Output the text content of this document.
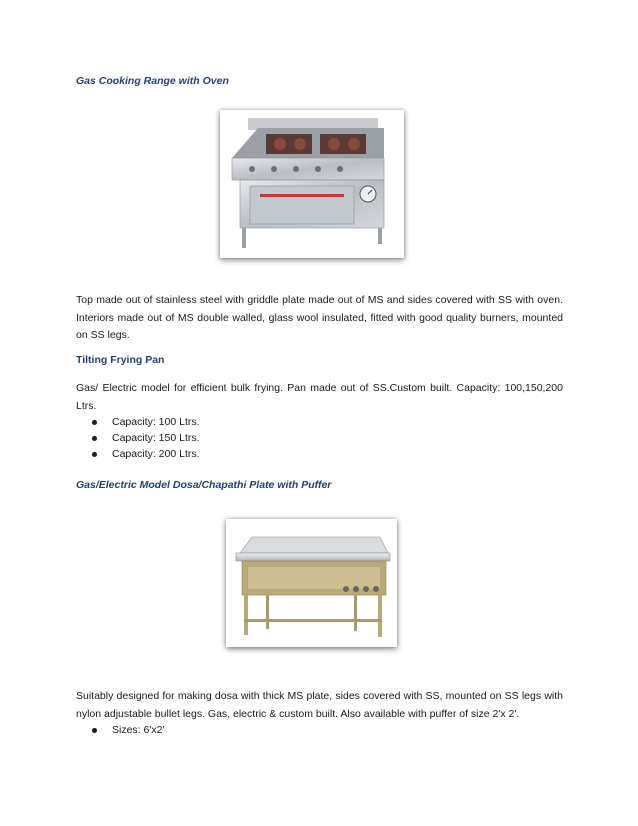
Gas Cooking Range with Oven

Top made out of stainless steel with griddle plate made out of MS and sides covered with SS with oven. Interiors made out of MS double walled, glass wool insulated, fitted with good quality burners, mounted on SS legs.

Tilting Frying Pan

Gas/ Electric model for efficient bulk frying. Pan made out of SS.Custom built. Capacity: 100,150,200 Ltrs.

Capacity: 100 Ltrs.
Capacity: 150 Ltrs.
Capacity: 200 Ltrs.

Gas/Electric Model Dosa/Chapathi Plate with Puffer

Suitably designed for making dosa with thick MS plate, sides covered with SS, mounted on SS legs with nylon adjustable bullet legs. Gas, electric & custom built. Also available with puffer of size 2'x 2'.

Sizes: 6'x2'
